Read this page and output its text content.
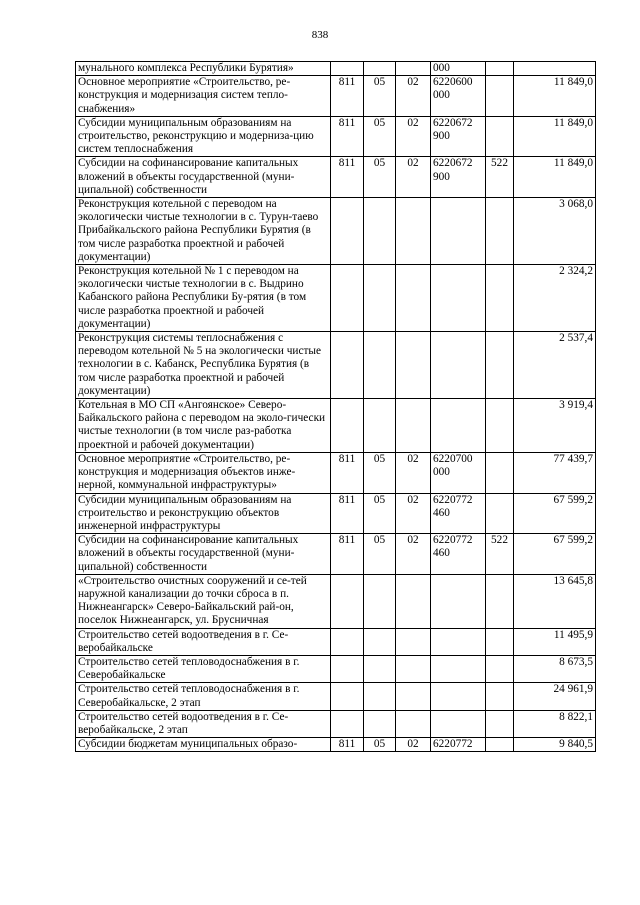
838
мунального комплекса Республики Бурятия»				000		
Основное мероприятие «Строительство, ре-конструкция и модернизация систем тепло-снабжения»	811	05	02	6220600 000		11 849,0
Субсидии муниципальным образованиям на строительство, реконструкцию и модерниза-цию систем теплоснабжения	811	05	02	6220672 900		11 849,0
Субсидии на софинансирование капитальных вложений в объекты государственной (муни-ципальной) собственности	811	05	02	6220672 900	522	11 849,0
Реконструкция котельной с переводом на экологически чистые технологии в с. Турун-таево Прибайкальского района Республики Бурятия (в том числе разработка проектной и рабочей документации)						3 068,0
Реконструкция котельной № 1 с переводом на экологически чистые технологии в с. Выдрино Кабанского района Республики Бу-рятия (в том числе разработка проектной и рабочей документации)						2 324,2
Реконструкция системы теплоснабжения с переводом котельной № 5 на экологически чистые технологии в с. Кабанск, Республика Бурятия (в том числе разработка проектной и рабочей документации)						2 537,4
Котельная в МО СП «Ангоянское» Северо-Байкальского района с переводом на эколо-гически чистые технологии (в том числе раз-работка проектной и рабочей документации)						3 919,4
Основное мероприятие «Строительство, ре-конструкция и модернизация объектов инже-нерной, коммунальной инфраструктуры»	811	05	02	6220700 000		77 439,7
Субсидии муниципальным образованиям на строительство и реконструкцию объектов инженерной инфраструктуры	811	05	02	6220772 460		67 599,2
Субсидии на софинансирование капитальных вложений в объекты государственной (муни-ципальной) собственности	811	05	02	6220772 460	522	67 599,2
«Строительство очистных сооружений и се-тей наружной канализации до точки сброса в п. Нижнеангарск» Северо-Байкальский рай-он, поселок Нижнеангарск, ул. Брусничная						13 645,8
Строительство сетей водоотведения в г. Се-веробайкальске						11 495,9
Строительство сетей тепловодоснабжения в г. Северобайкальске						8 673,5
Строительство сетей тепловодоснабжения в г. Северобайкальске, 2 этап						24 961,9
Строительство сетей водоотведения в г. Се-веробайкальске, 2 этап						8 822,1
Субсидии бюджетам муниципальных образо-	811	05	02	6220772		9 840,5
